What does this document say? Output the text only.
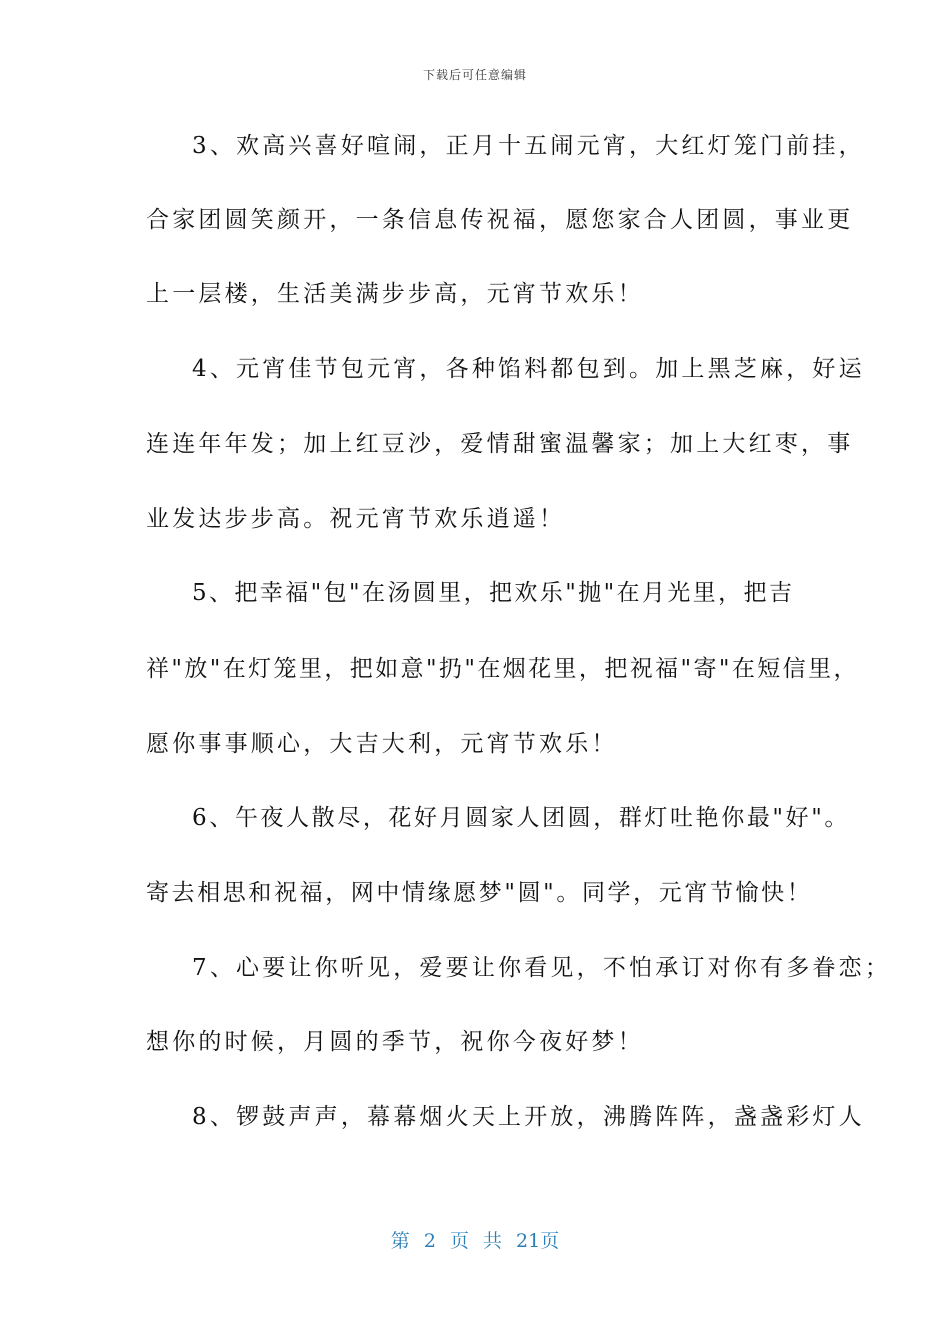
下载后可任意编辑

3、欢高兴喜好喧闹，正月十五闹元宵，大红灯笼门前挂，

合家团圆笑颜开，一条信息传祝福，愿您家合人团圆，事业更

上一层楼，生活美满步步高，元宵节欢乐！

4、元宵佳节包元宵，各种馅料都包到。加上黑芝麻，好运

连连年年发；加上红豆沙，爱情甜蜜温馨家；加上大红枣，事

业发达步步高。祝元宵节欢乐逍遥！

5、把幸福"包"在汤圆里，把欢乐"抛"在月光里，把吉

祥"放"在灯笼里，把如意"扔"在烟花里，把祝福"寄"在短信里，

愿你事事顺心，大吉大利，元宵节欢乐！

6、午夜人散尽，花好月圆家人团圆，群灯吐艳你最"好"。

寄去相思和祝福，网中情缘愿梦"圆"。同学，元宵节愉快！

7、心要让你听见，爱要让你看见，不怕承订对你有多眷恋；

想你的时候，月圆的季节，祝你今夜好梦！

8、锣鼓声声，幕幕烟火天上开放，沸腾阵阵，盏盏彩灯人

第 2 页 共 21页
